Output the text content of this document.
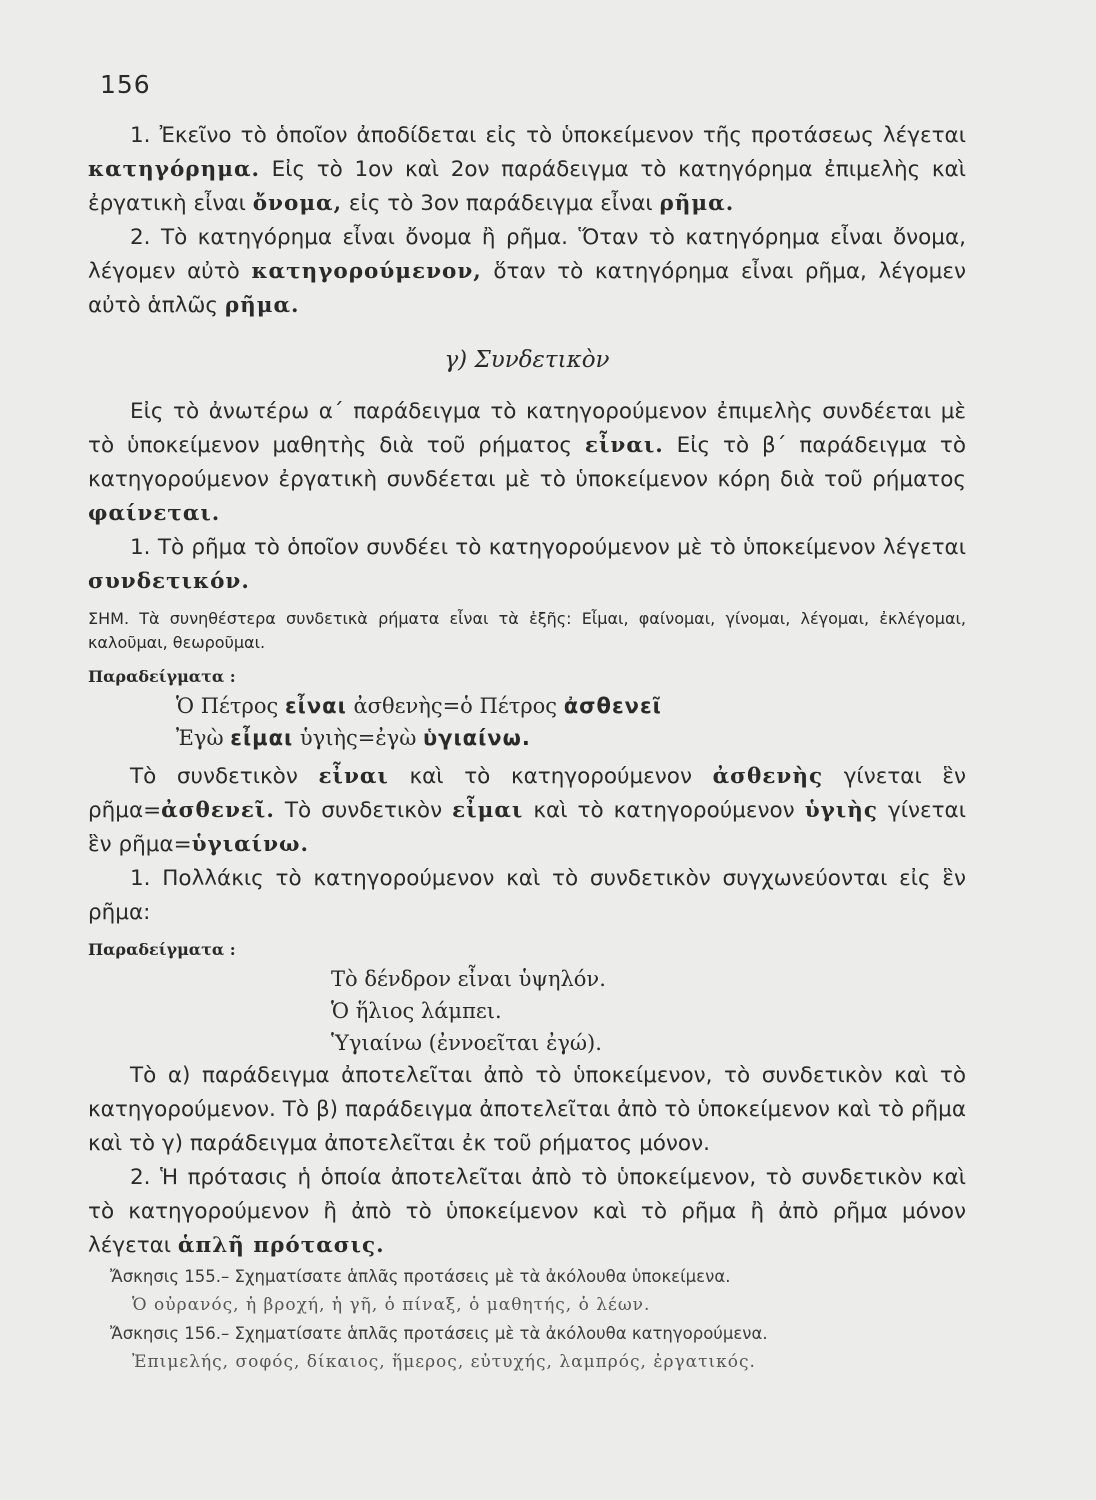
156

1. Ἐκεῖνο τὸ ὁποῖον ἀποδίδεται εἰς τὸ ὑποκείμενον τῆς προτάσεως λέγεται κατηγόρημα. Εἰς τὸ 1ον καὶ 2ον παράδειγμα τὸ κατηγόρημα ἐπιμελὴς καὶ ἐργατικὴ εἶναι ὄνομα, εἰς τὸ 3ον παράδειγμα εἶναι ρῆμα.

2. Τὸ κατηγόρημα εἶναι ὄνομα ἢ ρῆμα. Ὅταν τὸ κατηγόρημα εἶναι ὄνομα, λέγομεν αὐτὸ κατηγορούμενον, ὅταν τὸ κατηγόρημα εἶναι ρῆμα, λέγομεν αὐτὸ ἁπλῶς ρῆμα.

γ) Συνδετικὸν

Εἰς τὸ ἀνωτέρω α΄ παράδειγμα τὸ κατηγορούμενον ἐπιμελὴς συνδέεται μὲ τὸ ὑποκείμενον μαθητὴς διὰ τοῦ ρήματος εἶναι. Εἰς τὸ β΄ παράδειγμα τὸ κατηγορούμενον ἐργατικὴ συνδέεται μὲ τὸ ὑποκείμενον κόρη διὰ τοῦ ρήματος φαίνεται.

1. Τὸ ρῆμα τὸ ὁποῖον συνδέει τὸ κατηγορούμενον μὲ τὸ ὑποκείμενον λέγεται συνδετικόν.

ΣΗΜ. Τὰ συνηθέστερα συνδετικὰ ρήματα εἶναι τὰ ἑξῆς: Εἶμαι, φαίνομαι, γίνομαι, λέγομαι, ἐκλέγομαι, καλοῦμαι, θεωροῦμαι.
Παραδείγματα :
Ὁ Πέτρος εἶναι ἀσθενὴς=ὁ Πέτρος ἀσθενεῖ
Ἐγὼ εἶμαι ὑγιὴς=ἐγὼ ὑγιαίνω.

Τὸ συνδετικὸν εἶναι καὶ τὸ κατηγορούμενον ἀσθενὴς γίνεται ἓν ρῆμα=ἀσθενεῖ. Τὸ συνδετικὸν εἶμαι καὶ τὸ κατηγορούμενον ὑγιὴς γίνεται ἓν ρῆμα=ὑγιαίνω.

1. Πολλάκις τὸ κατηγορούμενον καὶ τὸ συνδετικὸν συγχωνεύονται εἰς ἓν ρῆμα:

Παραδείγματα :
Τὸ δένδρον εἶναι ὑψηλόν.
Ὁ ἥλιος λάμπει.
Ὑγιαίνω (ἐννοεῖται ἐγώ).

Τὸ α) παράδειγμα ἀποτελεῖται ἀπὸ τὸ ὑποκείμενον, τὸ συνδετικὸν καὶ τὸ κατηγορούμενον. Τὸ β) παράδειγμα ἀποτελεῖται ἀπὸ τὸ ὑποκείμενον καὶ τὸ ρῆμα καὶ τὸ γ) παράδειγμα ἀποτελεῖται ἐκ τοῦ ρήματος μόνον.

2. Ἡ πρότασις ἡ ὁποία ἀποτελεῖται ἀπὸ τὸ ὑποκείμενον, τὸ συνδετικὸν καὶ τὸ κατηγορούμενον ἢ ἀπὸ τὸ ὑποκείμενον καὶ τὸ ρῆμα ἢ ἀπὸ ρῆμα μόνον λέγεται ἁπλῆ πρότασις.

Ἄσκησις 155.– Σχηματίσατε ἁπλᾶς προτάσεις μὲ τὰ ἀκόλουθα ὑποκείμενα.
Ὁ οὐρανός, ἡ βροχή, ἡ γῆ, ὁ πίναξ, ὁ μαθητής, ὁ λέων.
Ἄσκησις 156.– Σχηματίσατε ἁπλᾶς προτάσεις μὲ τὰ ἀκόλουθα κατηγορούμενα.
Ἐπιμελής, σοφός, δίκαιος, ἥμερος, εὐτυχής, λαμπρός, ἐργατικός.
